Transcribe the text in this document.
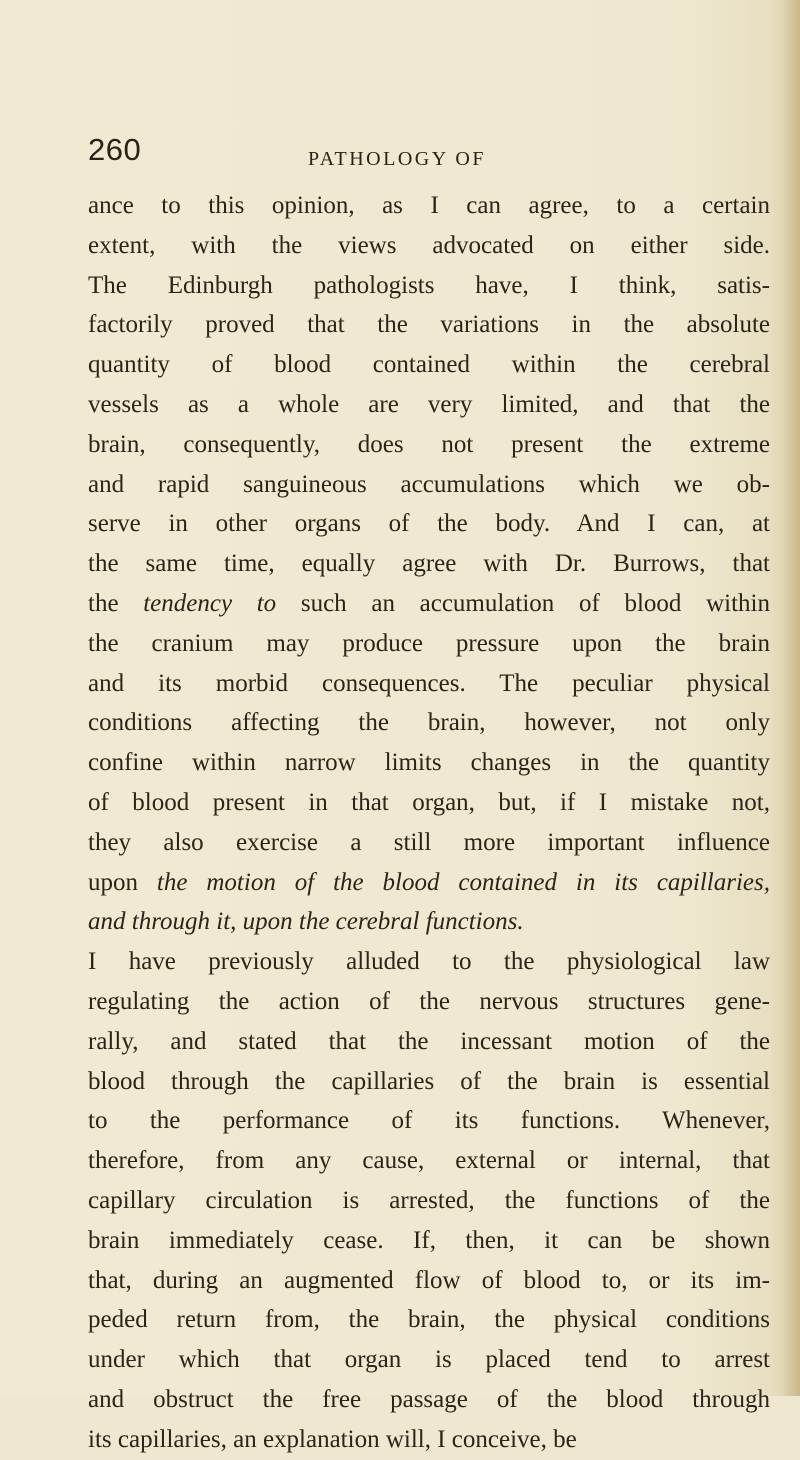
260	PATHOLOGY OF
ance to this opinion, as I can agree, to a certain
extent, with the views advocated on either side.
The Edinburgh pathologists have, I think, satis-
factorily proved that the variations in the absolute
quantity of blood contained within the cerebral
vessels as a whole are very limited, and that the
brain, consequently, does not present the extreme
and rapid sanguineous accumulations which we ob-
serve in other organs of the body. And I can, at
the same time, equally agree with Dr. Burrows, that
the tendency to such an accumulation of blood within
the cranium may produce pressure upon the brain
and its morbid consequences. The peculiar physical
conditions affecting the brain, however, not only
confine within narrow limits changes in the quantity
of blood present in that organ, but, if I mistake not,
they also exercise a still more important influence
upon the motion of the blood contained in its capillaries,
and through it, upon the cerebral functions.
I have previously alluded to the physiological law
regulating the action of the nervous structures gene-
rally, and stated that the incessant motion of the
blood through the capillaries of the brain is essential
to the performance of its functions. Whenever,
therefore, from any cause, external or internal, that
capillary circulation is arrested, the functions of the
brain immediately cease. If, then, it can be shown
that, during an augmented flow of blood to, or its im-
peded return from, the brain, the physical conditions
under which that organ is placed tend to arrest
and obstruct the free passage of the blood through
its capillaries, an explanation will, I conceive, be
